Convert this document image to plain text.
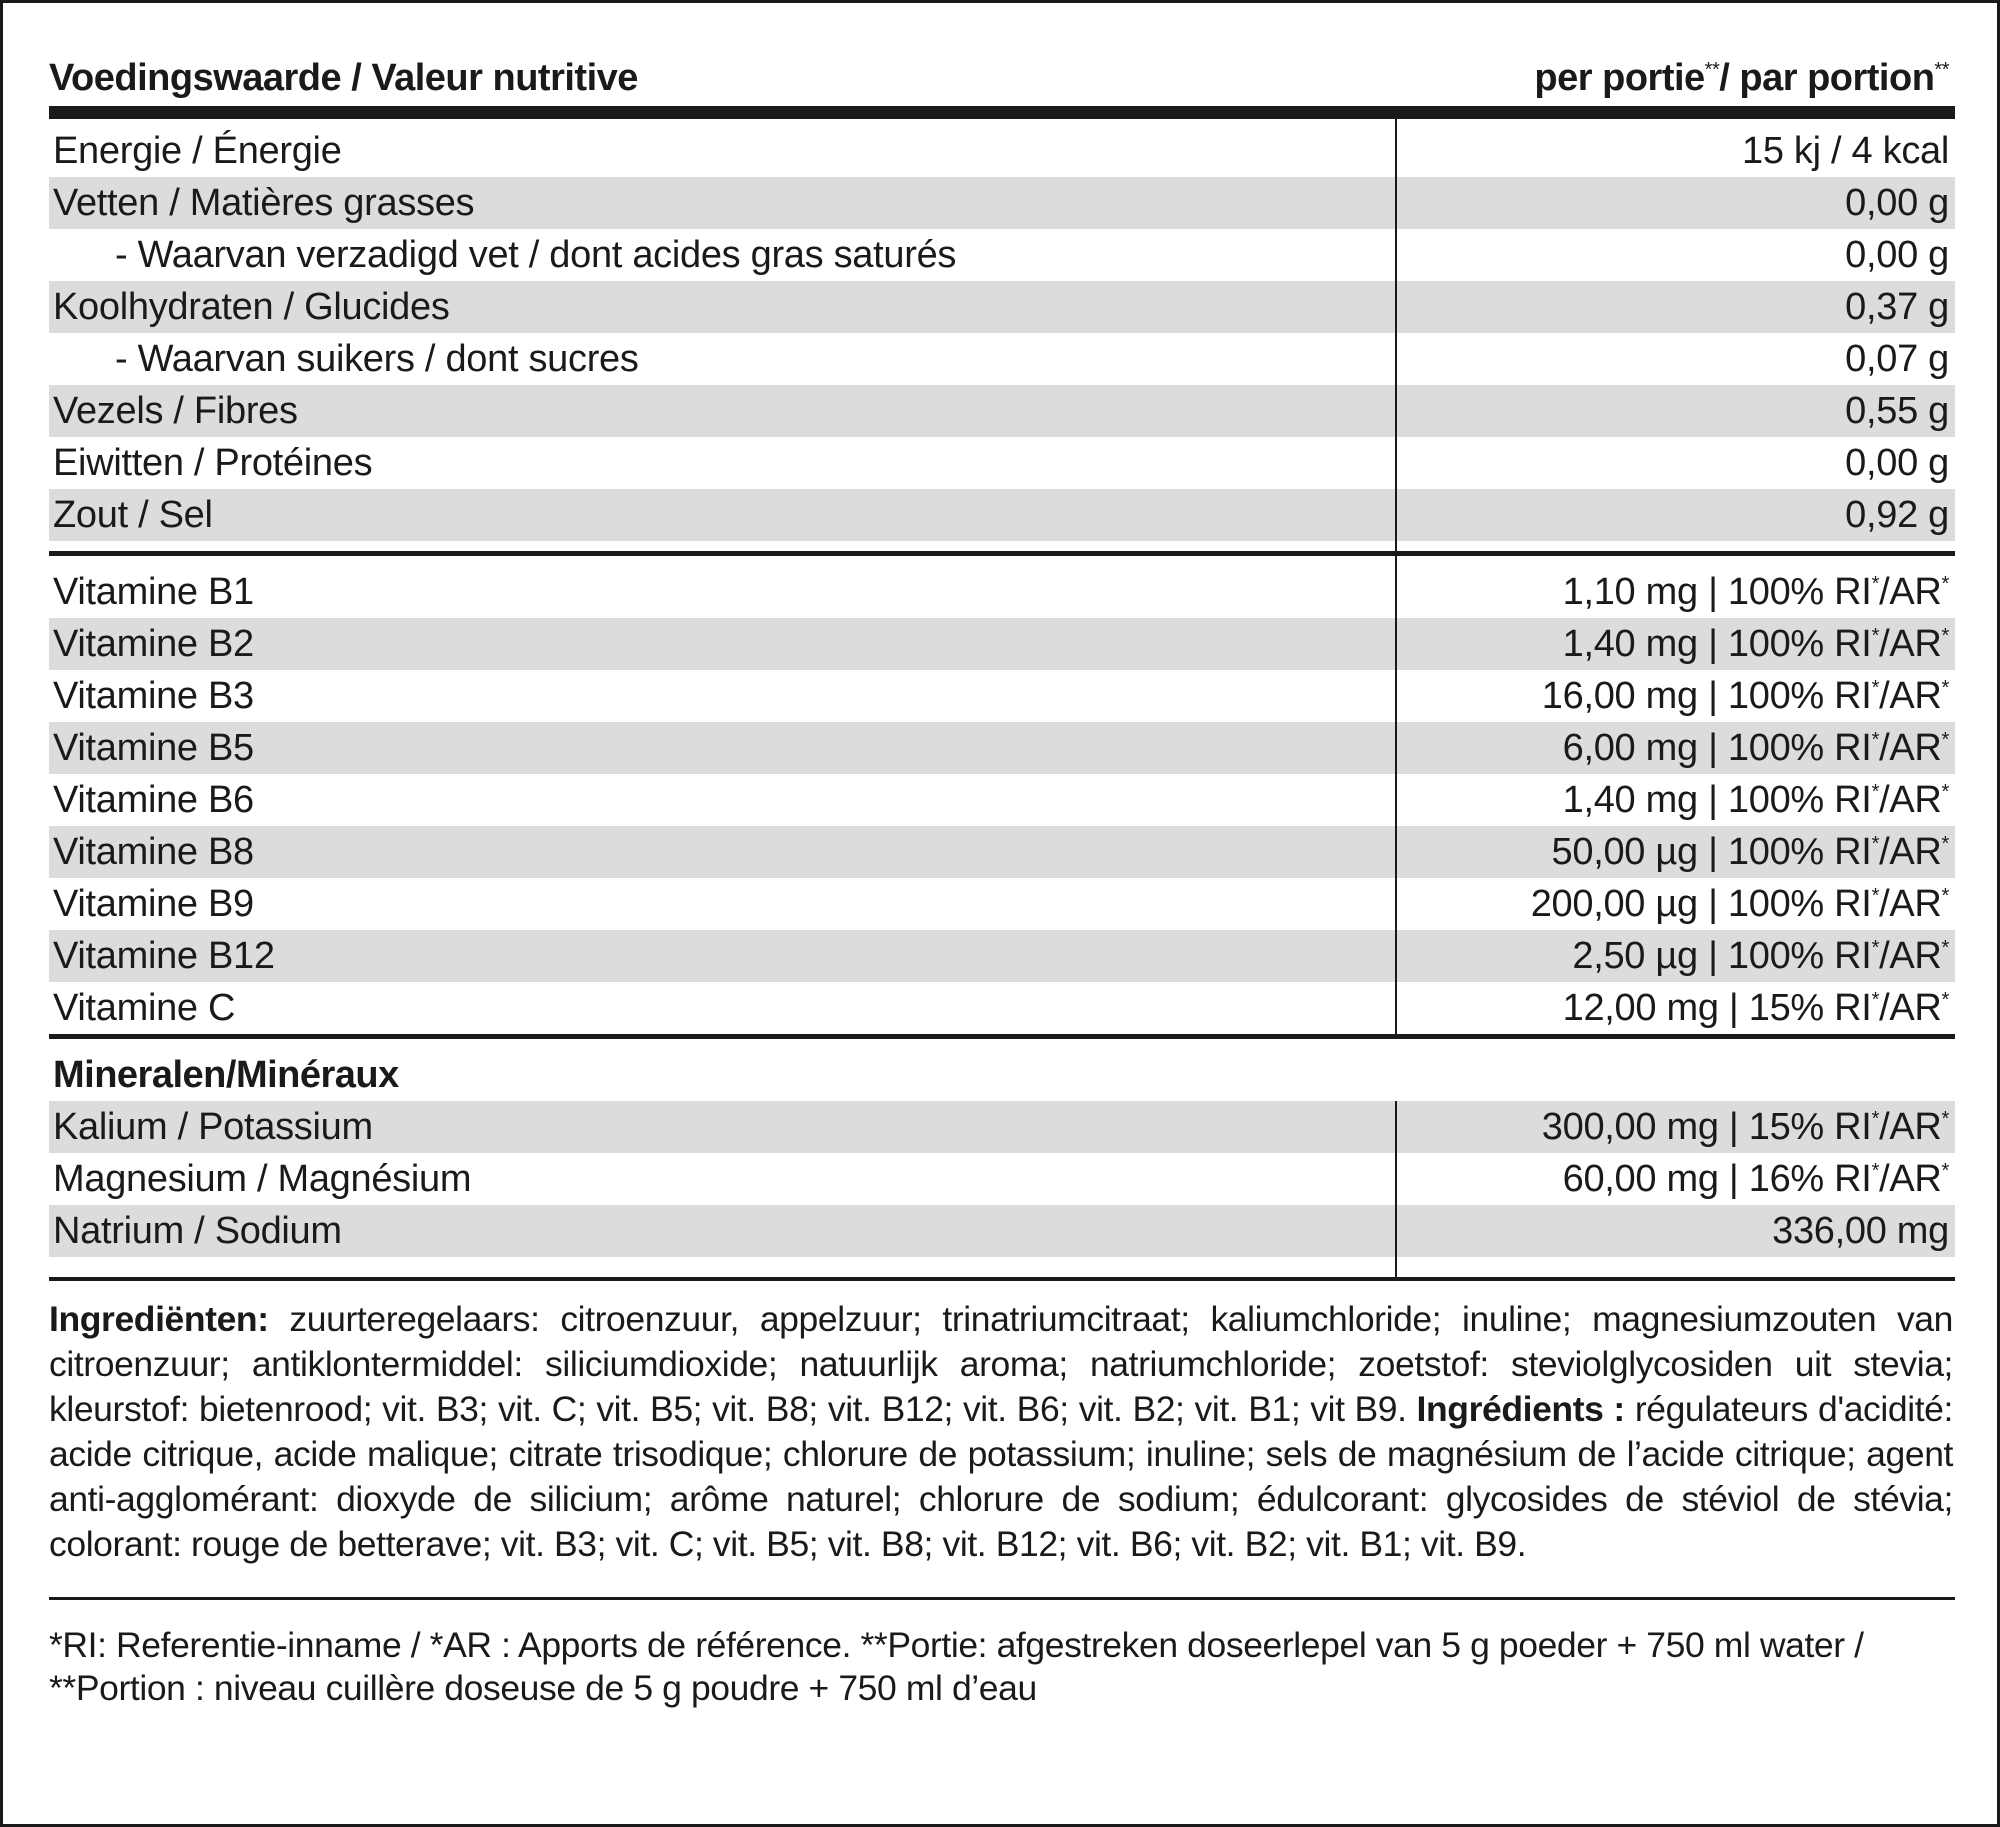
Voedingswaarde / Valeur nutritive	per portie**/ par portion**
Energie / Énergie	15 kj / 4 kcal
Vetten / Matières grasses	0,00 g
- Waarvan verzadigd vet / dont acides gras saturés	0,00 g
Koolhydraten / Glucides	0,37 g
- Waarvan suikers / dont sucres	0,07 g
Vezels / Fibres	0,55 g
Eiwitten / Protéines	0,00 g
Zout / Sel	0,92 g
Vitamine B1	1,10 mg | 100% RI*/AR*
Vitamine B2	1,40 mg | 100% RI*/AR*
Vitamine B3	16,00 mg | 100% RI*/AR*
Vitamine B5	6,00 mg | 100% RI*/AR*
Vitamine B6	1,40 mg | 100% RI*/AR*
Vitamine B8	50,00 µg | 100% RI*/AR*
Vitamine B9	200,00 µg | 100% RI*/AR*
Vitamine B12	2,50 µg | 100% RI*/AR*
Vitamine C	12,00 mg | 15% RI*/AR*
Mineralen / Minéraux
Kalium / Potassium	300,00 mg | 15% RI*/AR*
Magnesium / Magnésium	60,00 mg | 16% RI*/AR*
Natrium / Sodium	336,00 mg
Ingrediënten: zuurteregelaars: citroenzuur, appelzuur; trinatriumcitraat; kaliumchloride; inuline; magnesiumzouten van citroenzuur; antiklontermiddel: siliciumdioxide; natuurlijk aroma; natriumchloride; zoetstof: steviolglycosiden uit stevia; kleurstof: bietenrood; vit. B3; vit. C; vit. B5; vit. B8; vit. B12; vit. B6; vit. B2; vit. B1; vit B9. Ingrédients : régulateurs d'acidité: acide citrique, acide malique; citrate trisodique; chlorure de potassium; inuline; sels de magnésium de l’acide citrique; agent anti-agglomérant: dioxyde de silicium; arôme naturel; chlorure de sodium; édulcorant: glycosides de stéviol de stévia; colorant: rouge de betterave; vit. B3; vit. C; vit. B5; vit. B8; vit. B12; vit. B6; vit. B2; vit. B1; vit. B9.
*RI: Referentie-inname / *AR : Apports de référence. **Portie: afgestreken doseerlepel van 5 g poeder + 750 ml water / **Portion : niveau cuillère doseuse de 5 g poudre + 750 ml d’eau
